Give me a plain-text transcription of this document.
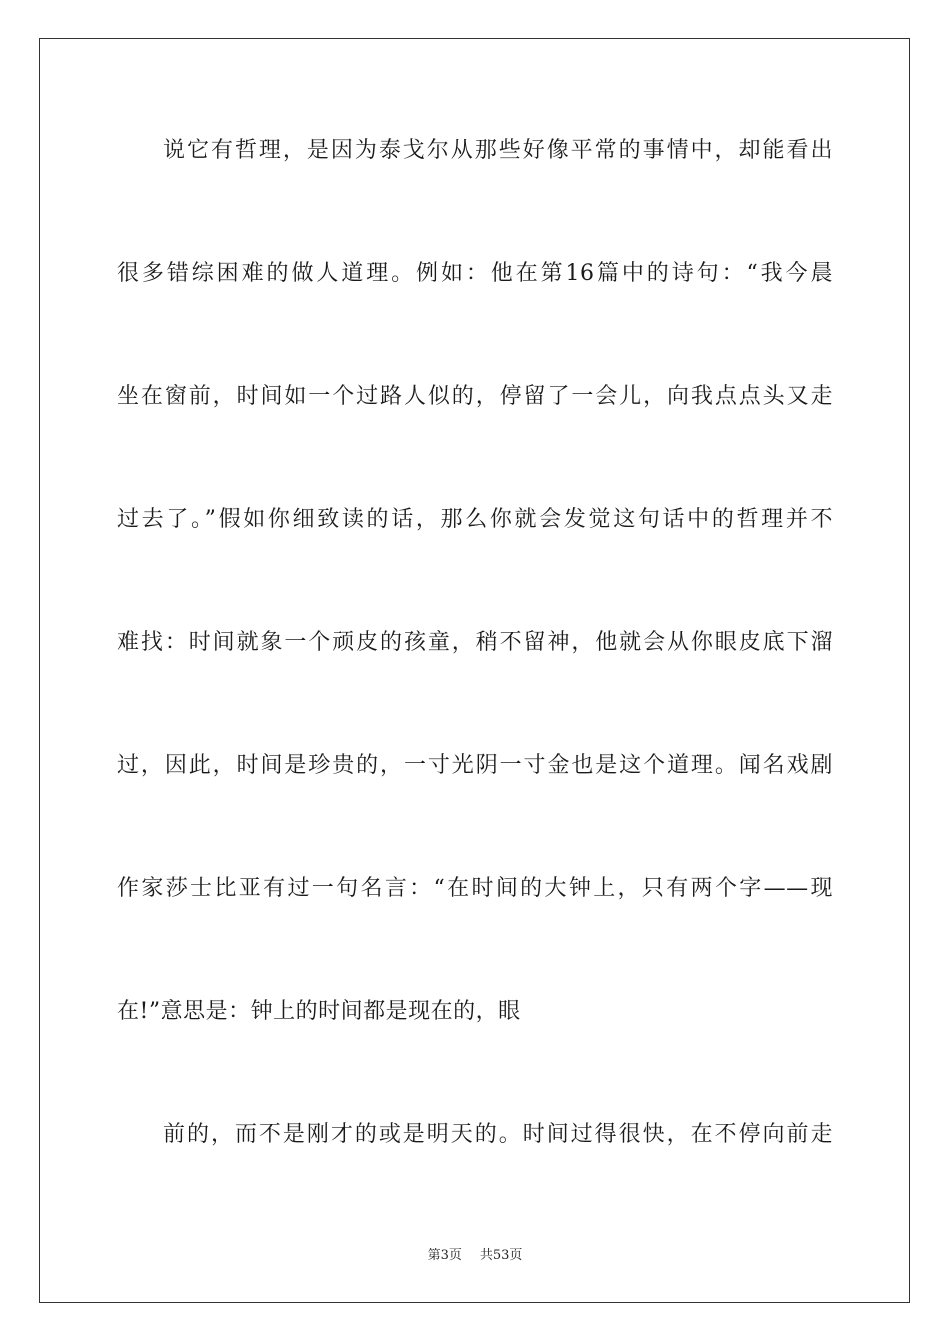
说它有哲理，是因为泰戈尔从那些好像平常的事情中，却能看出
很多错综困难的做人道理。例如：他在第16篇中的诗句：“我今晨
坐在窗前，时间如一个过路人似的，停留了一会儿，向我点点头又走
过去了。”假如你细致读的话，那么你就会发觉这句话中的哲理并不
难找：时间就象一个顽皮的孩童，稍不留神，他就会从你眼皮底下溜
过，因此，时间是珍贵的，一寸光阴一寸金也是这个道理。闻名戏剧
作家莎士比亚有过一句名言：“在时间的大钟上，只有两个字——现
在!”意思是：钟上的时间都是现在的，眼
前的，而不是刚才的或是明天的。时间过得很快，在不停向前走
第3页 共53页
